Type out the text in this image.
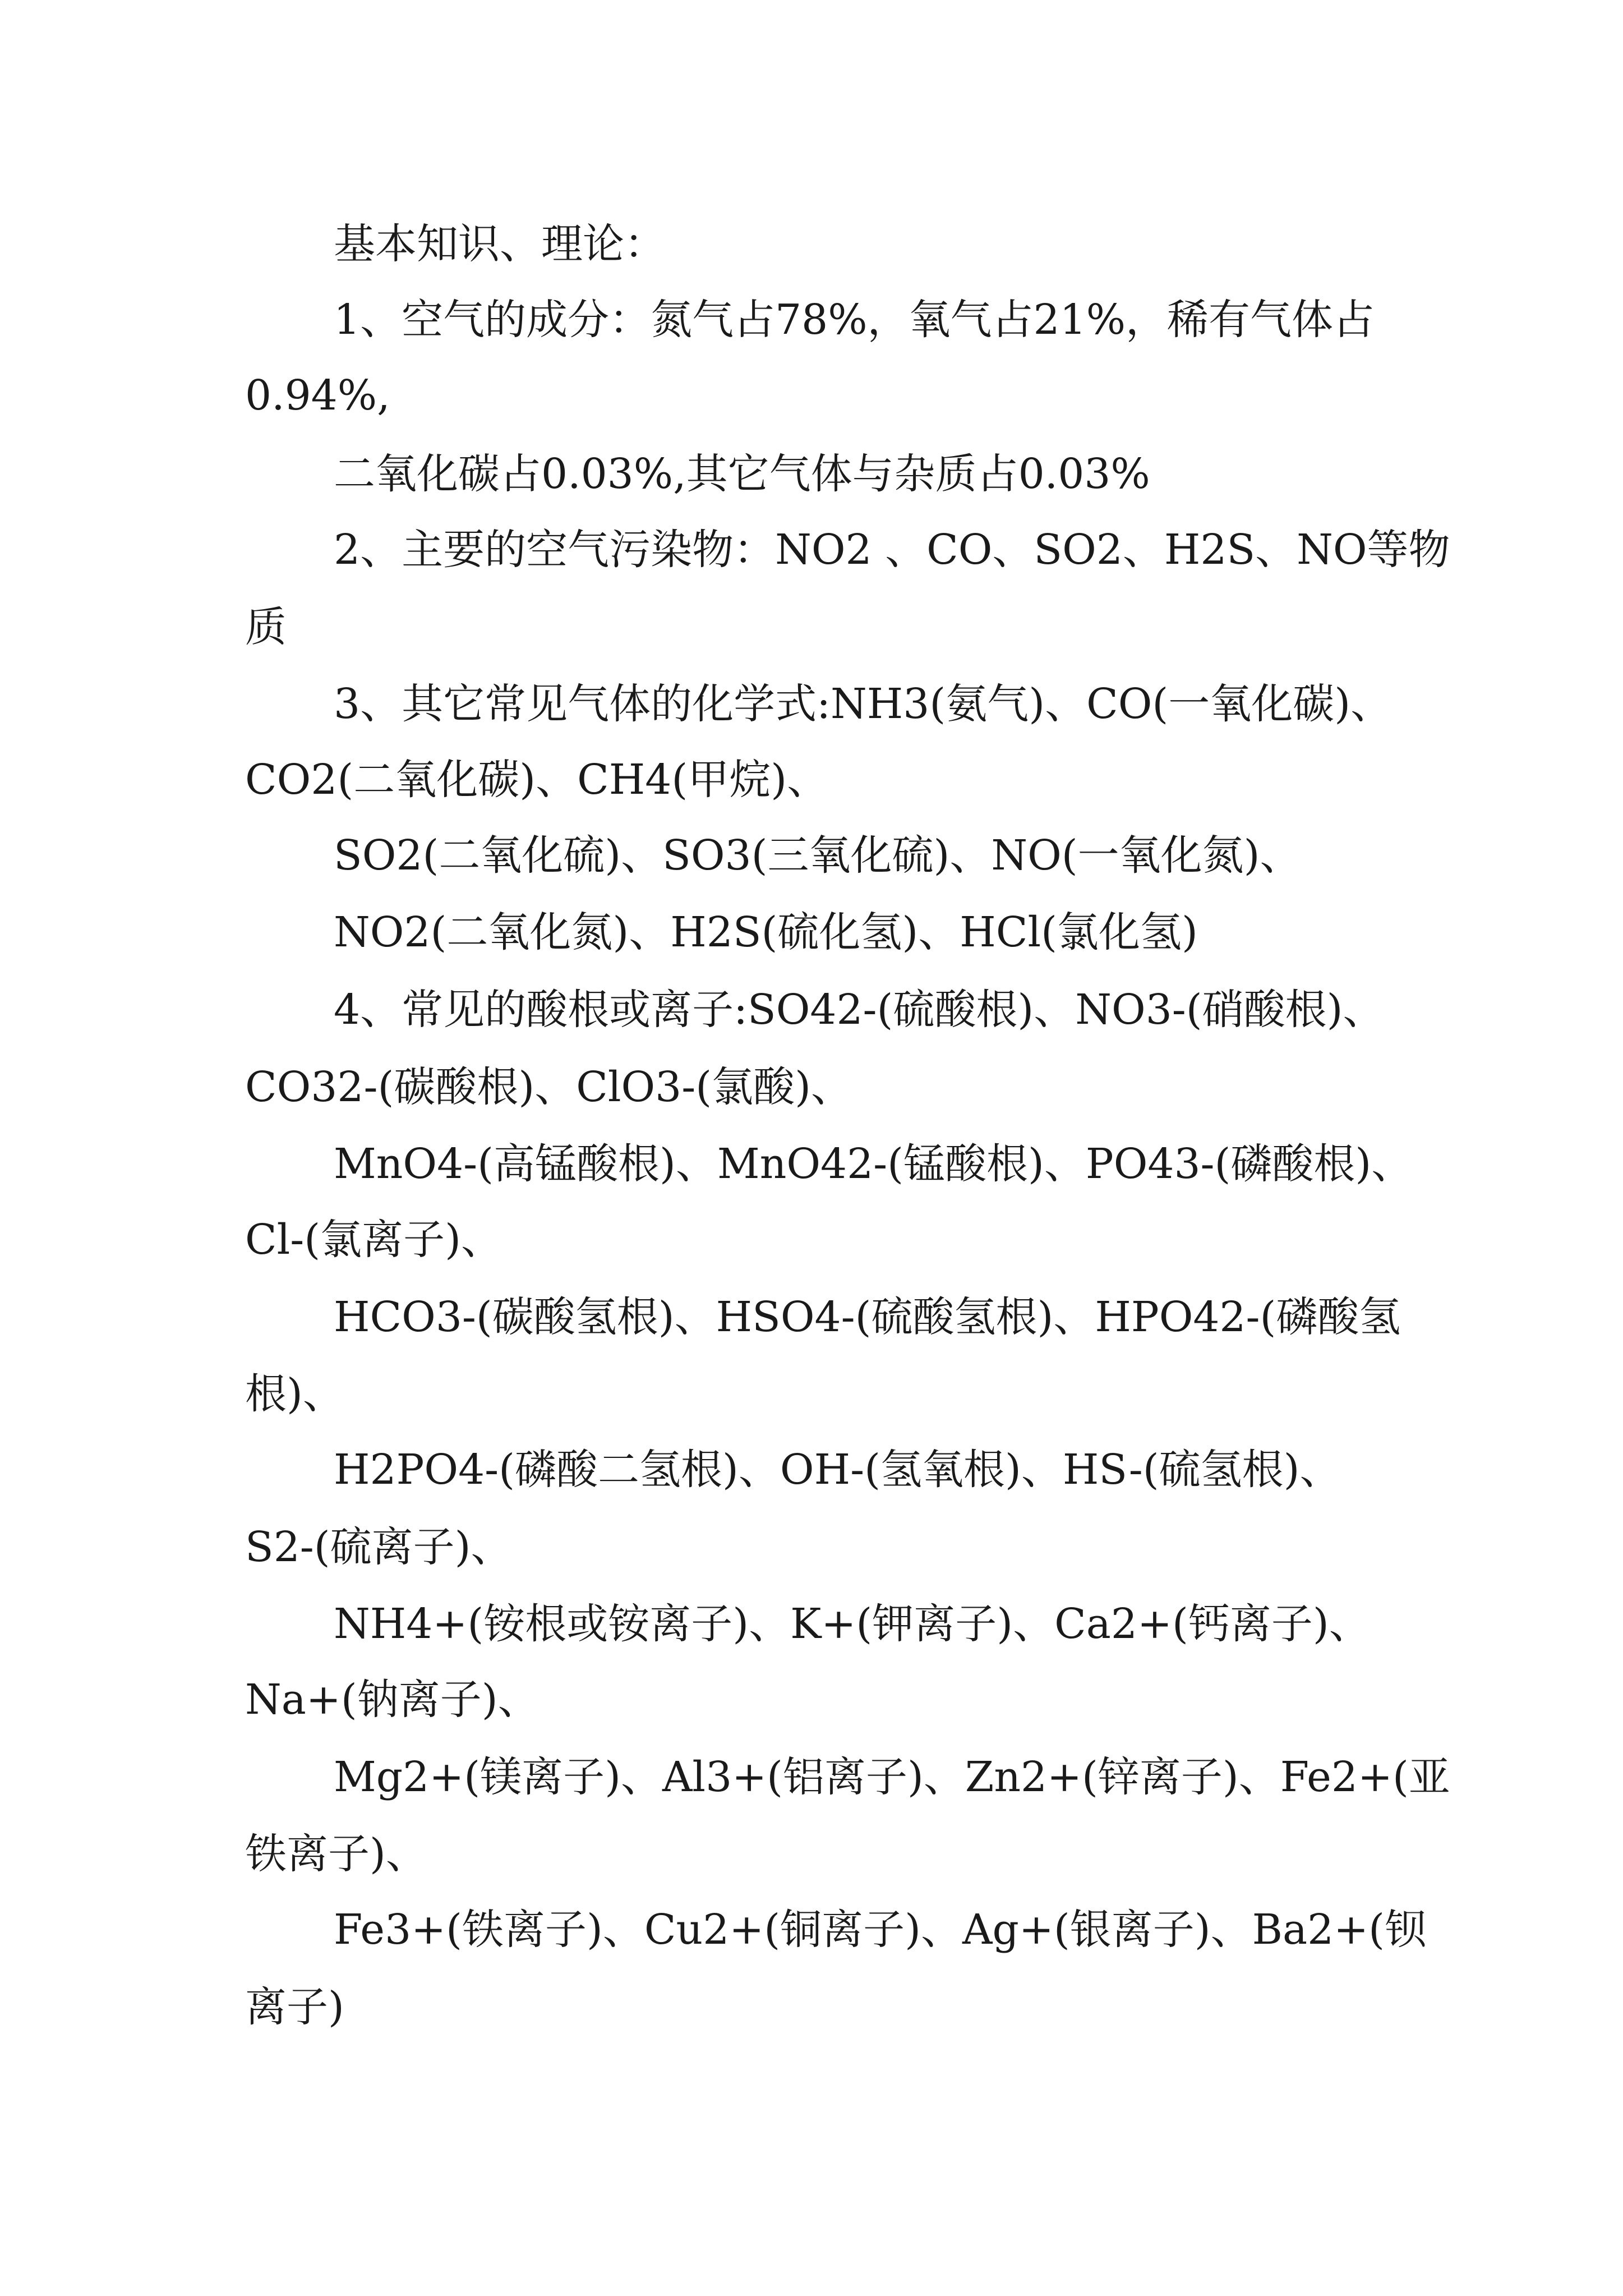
基本知识、理论：
1、空气的成分：氮气占78%，氧气占21%，稀有气体占
0.94%,
二氧化碳占0.03%,其它气体与杂质占0.03%
2、主要的空气污染物：NO2 、CO、SO2、H2S、NO等物
质
3、其它常见气体的化学式:NH3(氨气)、CO(一氧化碳)、
CO2(二氧化碳)、CH4(甲烷)、
SO2(二氧化硫)、SO3(三氧化硫)、NO(一氧化氮)、
NO2(二氧化氮)、H2S(硫化氢)、HCl(氯化氢)
4、常见的酸根或离子:SO42-(硫酸根)、NO3-(硝酸根)、
CO32-(碳酸根)、ClO3-(氯酸)、
MnO4-(高锰酸根)、MnO42-(锰酸根)、PO43-(磷酸根)、
Cl-(氯离子)、
HCO3-(碳酸氢根)、HSO4-(硫酸氢根)、HPO42-(磷酸氢
根)、
H2PO4-(磷酸二氢根)、OH-(氢氧根)、HS-(硫氢根)、
S2-(硫离子)、
NH4+(铵根或铵离子)、K+(钾离子)、Ca2+(钙离子)、
Na+(钠离子)、
Mg2+(镁离子)、Al3+(铝离子)、Zn2+(锌离子)、Fe2+(亚
铁离子)、
Fe3+(铁离子)、Cu2+(铜离子)、Ag+(银离子)、Ba2+(钡
离子)
